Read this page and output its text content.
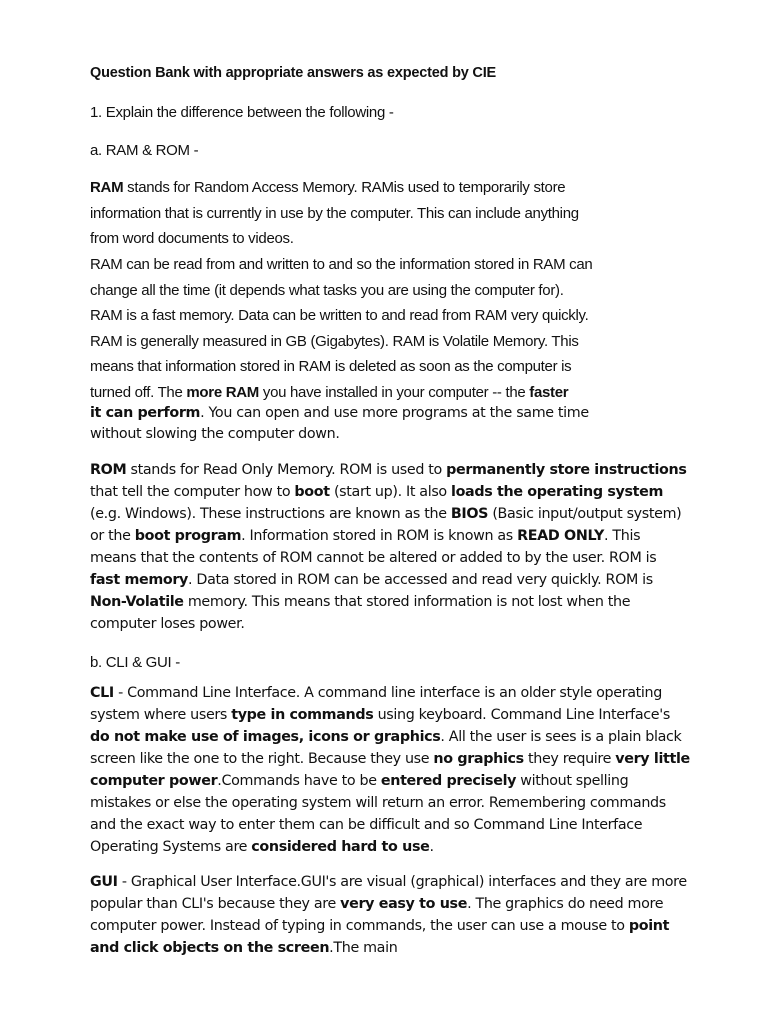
Question Bank with appropriate answers as expected by CIE

1. Explain the difference between the following -

a. RAM & ROM -

RAM stands for Random Access Memory. RAMis used to temporarily store
information that is currently in use by the computer. This can include anything
from word documents to videos.
RAM can be read from and written to and so the information stored in RAM can
change all the time (it depends what tasks you are using the computer for).
RAM is a fast memory. Data can be written to and read from RAM very quickly.
RAM is generally measured in GB (Gigabytes). RAM is Volatile Memory. This
means that information stored in RAM is deleted as soon as the computer is
turned off. The more RAM you have installed in your computer -- the faster
it can perform. You can open and use more programs at the same time
without slowing the computer down.

ROM stands for Read Only Memory. ROM is used to permanently store instructions that tell the computer how to boot (start up). It also loads the operating system (e.g. Windows). These instructions are known as the BIOS (Basic input/output system) or the boot program. Information stored in ROM is known as READ ONLY. This means that the contents of ROM cannot be altered or added to by the user. ROM is fast memory. Data stored in ROM can be accessed and read very quickly. ROM is Non-Volatile memory. This means that stored information is not lost when the computer loses power.

b. CLI & GUI -

CLI - Command Line Interface. A command line interface is an older style operating system where users type in commands using keyboard. Command Line Interface's do not make use of images, icons or graphics. All the user is sees is a plain black screen like the one to the right. Because they use no graphics they require very little computer power.Commands have to be entered precisely without spelling mistakes or else the operating system will return an error. Remembering commands and the exact way to enter them can be difficult and so Command Line Interface Operating Systems are considered hard to use.

GUI - Graphical User Interface.GUI's are visual (graphical) interfaces and they are more popular than CLI's because they are very easy to use. The graphics do need more computer power. Instead of typing in commands, the user can use a mouse to point and click objects on the screen.The main
